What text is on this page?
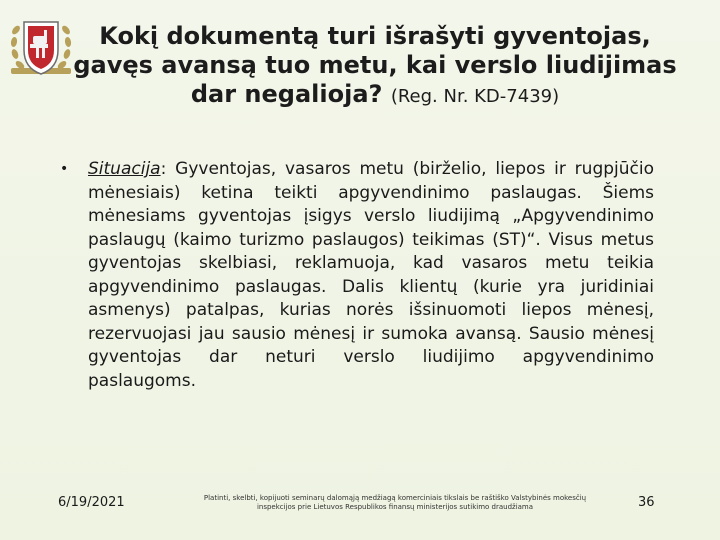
Kokį dokumentą turi išrašyti gyventojas, gavęs avansą tuo metu, kai verslo liudijimas dar negalioja? (Reg. Nr. KD-7439)
• Situacija: Gyventojas, vasaros metu (birželio, liepos ir rugpjūčio mėnesiais) ketina teikti apgyvendinimo paslaugas. Šiems mėnesiams gyventojas įsigys verslo liudijimą „Apgyvendinimo paslaugų (kaimo turizmo paslaugos) teikimas (ST)“. Visus metus gyventojas skelbiasi, reklamuoja, kad vasaros metu teikia apgyvendinimo paslaugas. Dalis klientų (kurie yra juridiniai asmenys) patalpas, kurias norės išsinuomoti liepos mėnesį, rezervuojasi jau sausio mėnesį ir sumoka avansą. Sausio mėnesį gyventojas dar neturi verslo liudijimo apgyvendinimo paslaugoms.
6/19/2021	Platinti, skelbti, kopijuoti seminarų dalomąją medžiagą komerciniais tikslais be raštiško Valstybinės mokesčių inspekcijos prie Lietuvos Respublikos finansų ministerijos sutikimo draudžiama	36
